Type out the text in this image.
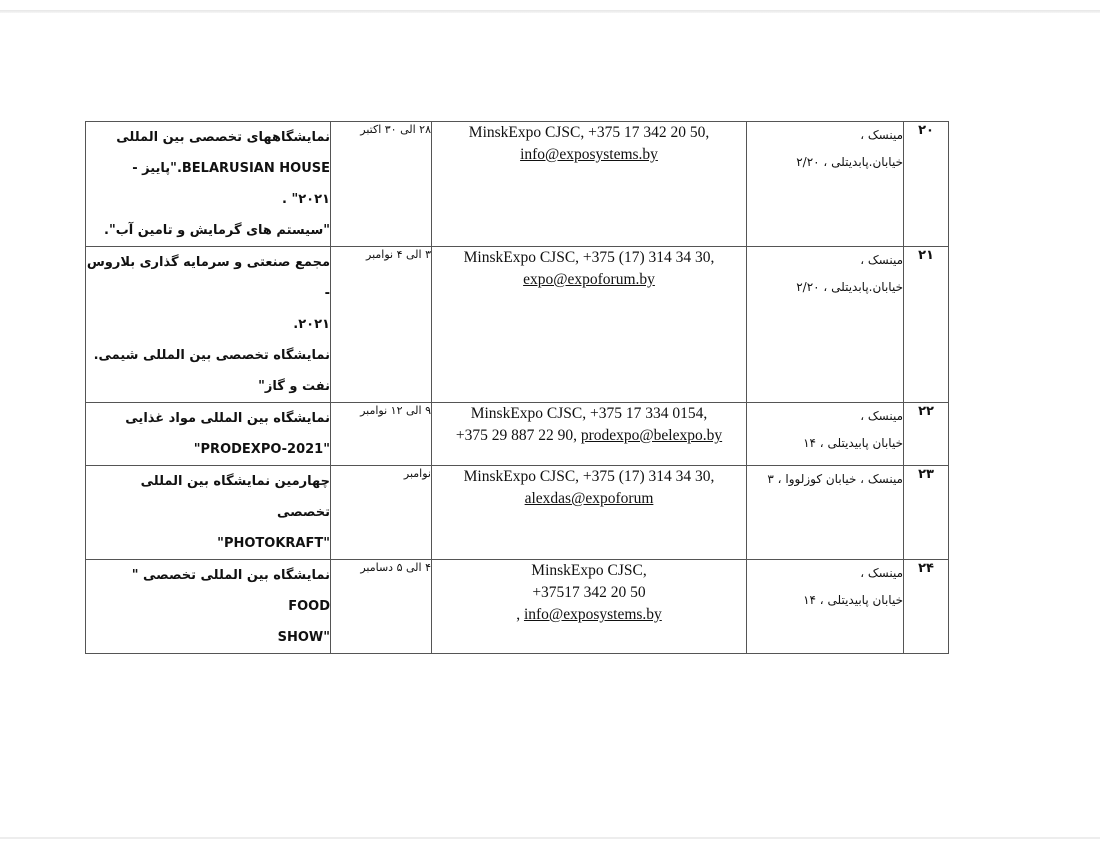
نمایشگاههای تخصصی بین المللی
BELARUSIAN HOUSE."پاییز -
۲۰۲۱" .
"سیستم های گرمایش و تامین آب".	۲۸ الی ۳۰ اکتبر	MinskExpo CJSC, +375 17 342 20 50,
info@exposystems.by	مینسک ،
خیابان.پابدیتلی ، ۲/۲۰	۲۰

مجمع صنعتی و سرمایه گذاری بلاروس -
۲۰۲۱.
نمایشگاه تخصصی بین المللی شیمی.
نفت و گاز"	۳ الی ۴ نوامبر	MinskExpo CJSC, +375 (17) 314 34 30,
expo@expoforum.by	مینسک ،
خیابان.پابدیتلی ، ۲/۲۰	۲۱

نمایشگاه بین المللی مواد غذایی
"PRODEXPO-2021"	۹ الی ۱۲ نوامبر	MinskExpo CJSC, +375 17 334 0154,
+375 29 887 22 90, prodexpo@belexpo.by	مینسک ،
خیابان پابیدیتلی ، ۱۴	۲۲

چهارمین نمایشگاه بین المللی تخصصی
"PHOTOKRAFT"	نوامبر	MinskExpo CJSC, +375 (17) 314 34 30,
alexdas@expoforum	مینسک ، خیابان کوزلووا ، ۳	۲۳

نمایشگاه بین المللی تخصصی " FOOD
"SHOW	۴ الی ۵ دسامبر	MinskExpo CJSC,
+37517 342 20 50
, info@exposystems.by	مینسک ،
خیابان پابیدیتلی ، ۱۴	۲۴
